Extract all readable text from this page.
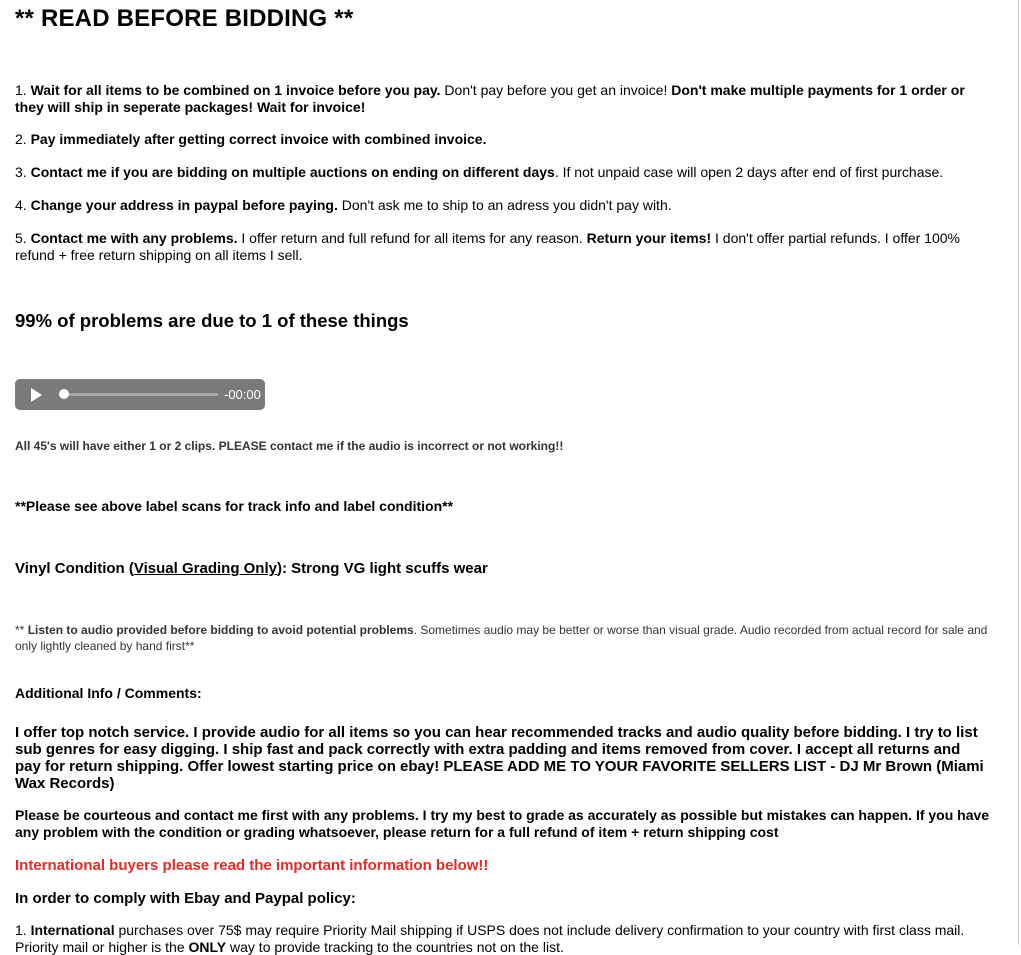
** READ BEFORE BIDDING **

1. Wait for all items to be combined on 1 invoice before you pay. Don't pay before you get an invoice! Don't make multiple payments for 1 order or they will ship in seperate packages! Wait for invoice!

2. Pay immediately after getting correct invoice with combined invoice.

3. Contact me if you are bidding on multiple auctions on ending on different days. If not unpaid case will open 2 days after end of first purchase.

4. Change your address in paypal before paying. Don't ask me to ship to an adress you didn't pay with.

5. Contact me with any problems. I offer return and full refund for all items for any reason. Return your items! I don't offer partial refunds. I offer 100% refund + free return shipping on all items I sell.

99% of problems are due to 1 of these things

-00:00

All 45's will have either 1 or 2 clips. PLEASE contact me if the audio is incorrect or not working!!

**Please see above label scans for track info and label condition**

Vinyl Condition (Visual Grading Only): Strong VG light scuffs wear

** Listen to audio provided before bidding to avoid potential problems. Sometimes audio may be better or worse than visual grade. Audio recorded from actual record for sale and only lightly cleaned by hand first**

Additional Info / Comments:

I offer top notch service. I provide audio for all items so you can hear recommended tracks and audio quality before bidding. I try to list sub genres for easy digging. I ship fast and pack correctly with extra padding and items removed from cover. I accept all returns and pay for return shipping. Offer lowest starting price on ebay! PLEASE ADD ME TO YOUR FAVORITE SELLERS LIST - DJ Mr Brown (Miami Wax Records)

Please be courteous and contact me first with any problems. I try my best to grade as accurately as possible but mistakes can happen. If you have any problem with the condition or grading whatsoever, please return for a full refund of item + return shipping cost

International buyers please read the important information below!!

In order to comply with Ebay and Paypal policy:

1. International purchases over 75$ may require Priority Mail shipping if USPS does not include delivery confirmation to your country with first class mail. Priority mail or higher is the ONLY way to provide tracking to the countries not on the list.
